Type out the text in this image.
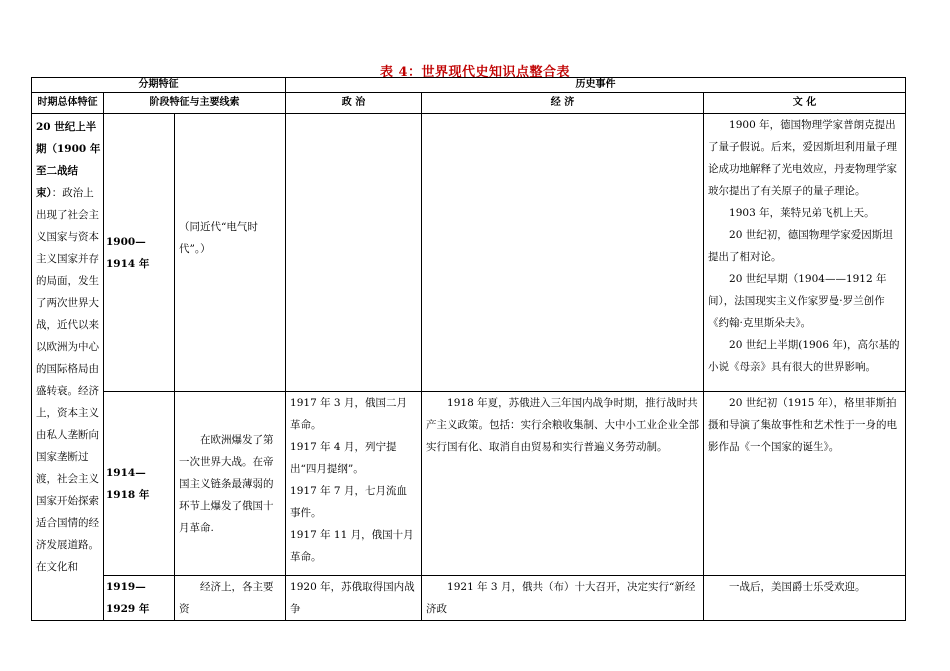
表 4：世界现代史知识点整合表
分期特征			历史事件		
时期总体特征	阶段特征与主要线索		政 治	经 济	文 化

20 世纪上半期（1900 年至二战结束）：政治上出现了社会主义国家与资本主义国家并存的局面，发生了两次世界大战，近代以来以欧洲为中心的国际格局由盛转衰。经济上，资本主义由私人垄断向国家垄断过渡，社会主义国家开始探索适合国情的经济发展道路。在文化和	1900—1914 年	（同近代“电气时代”。）			1900 年，德国物理学家普朗克提出了量子假说。后来，爱因斯坦利用量子理论成功地解释了光电效应，丹麦物理学家玻尔提出了有关原子的量子理论。

1903 年，莱特兄弟飞机上天。

20 世纪初，德国物理学家爱因斯坦提出了相对论。

20 世纪早期（1904——1912 年间），法国现实主义作家罗曼·罗兰创作《约翰·克里斯朵夫》。

20 世纪上半期(1906 年)，高尔基的小说《母亲》具有很大的世界影响。

	1914—1918 年	在欧洲爆发了第一次世界大战。在帝国主义链条最薄弱的环节上爆发了俄国十月革命.	1917 年 3 月，俄国二月革命。

1917 年 4 月，列宁提出“四月提纲”。

1917 年 7 月，七月流血事件。

1917 年 11 月，俄国十月革命。	1918 年夏，苏俄进入三年国内战争时期，推行战时共产主义政策。包括：实行余粮收集制、大中小工业企业全部实行国有化、取消自由贸易和实行普遍义务劳动制。	20 世纪初（1915 年），格里菲斯拍摄和导演了集故事性和艺术性于一身的电影作品《一个国家的诞生》。

	1919—1929 年	经济上，各主要资	1920 年，苏俄取得国内战争	1921 年 3 月，俄共（布）十大召开，决定实行“新经济政	一战后，美国爵士乐受欢迎。
